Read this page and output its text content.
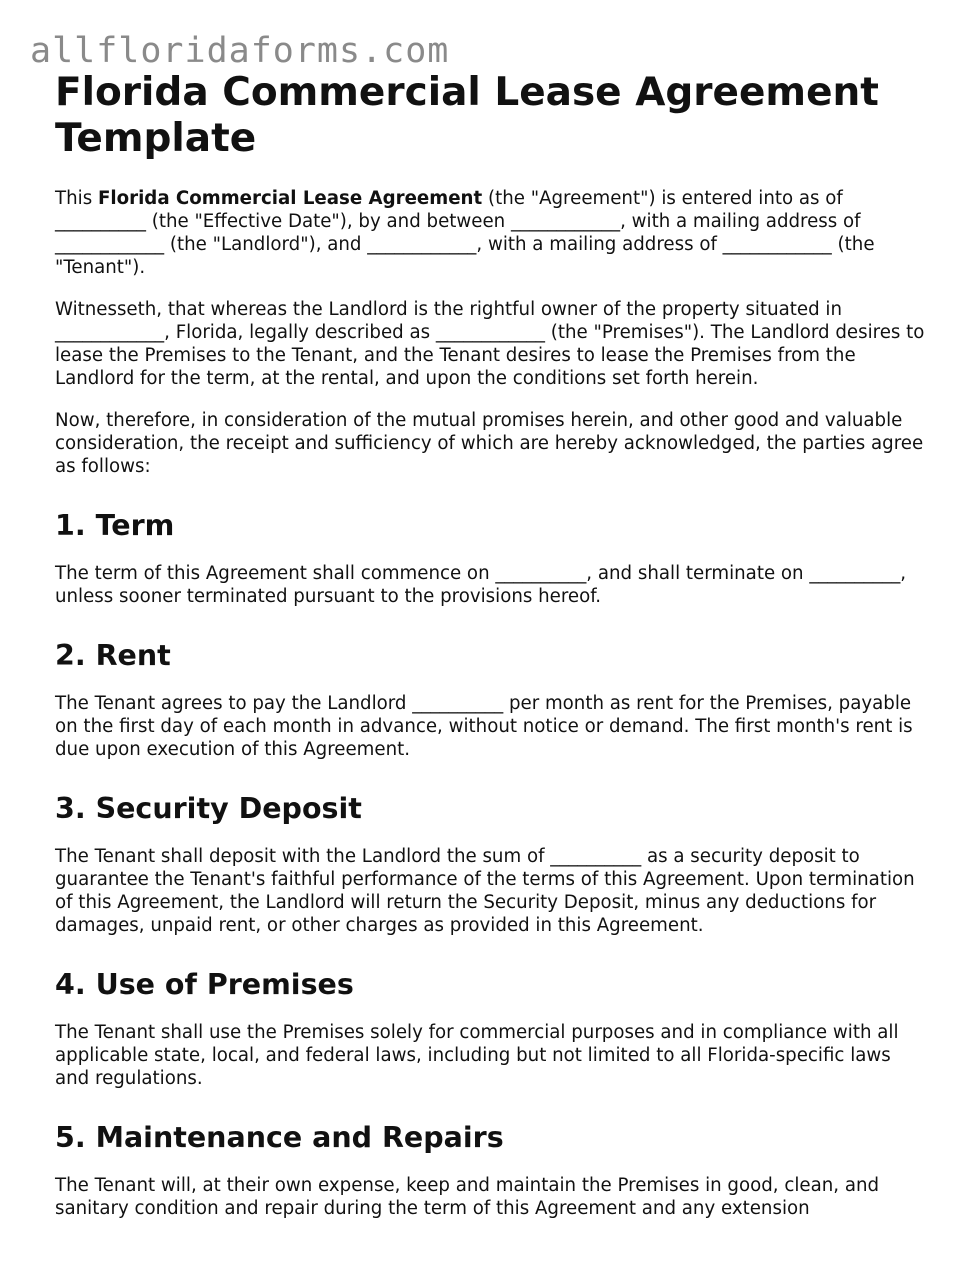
allfloridaforms.com
Florida Commercial Lease Agreement Template

This Florida Commercial Lease Agreement (the "Agreement") is entered into as of __________ (the "Effective Date"), by and between ____________, with a mailing address of ____________ (the "Landlord"), and ____________, with a mailing address of ____________ (the "Tenant").

Witnesseth, that whereas the Landlord is the rightful owner of the property situated in ____________, Florida, legally described as ____________ (the "Premises"). The Landlord desires to lease the Premises to the Tenant, and the Tenant desires to lease the Premises from the Landlord for the term, at the rental, and upon the conditions set forth herein.

Now, therefore, in consideration of the mutual promises herein, and other good and valuable consideration, the receipt and sufficiency of which are hereby acknowledged, the parties agree as follows:

1. Term

The term of this Agreement shall commence on __________, and shall terminate on __________, unless sooner terminated pursuant to the provisions hereof.

2. Rent

The Tenant agrees to pay the Landlord __________ per month as rent for the Premises, payable on the first day of each month in advance, without notice or demand. The first month's rent is due upon execution of this Agreement.

3. Security Deposit

The Tenant shall deposit with the Landlord the sum of __________ as a security deposit to guarantee the Tenant's faithful performance of the terms of this Agreement. Upon termination of this Agreement, the Landlord will return the Security Deposit, minus any deductions for damages, unpaid rent, or other charges as provided in this Agreement.

4. Use of Premises

The Tenant shall use the Premises solely for commercial purposes and in compliance with all applicable state, local, and federal laws, including but not limited to all Florida-specific laws and regulations.

5. Maintenance and Repairs

The Tenant will, at their own expense, keep and maintain the Premises in good, clean, and sanitary condition and repair during the term of this Agreement and any extension
